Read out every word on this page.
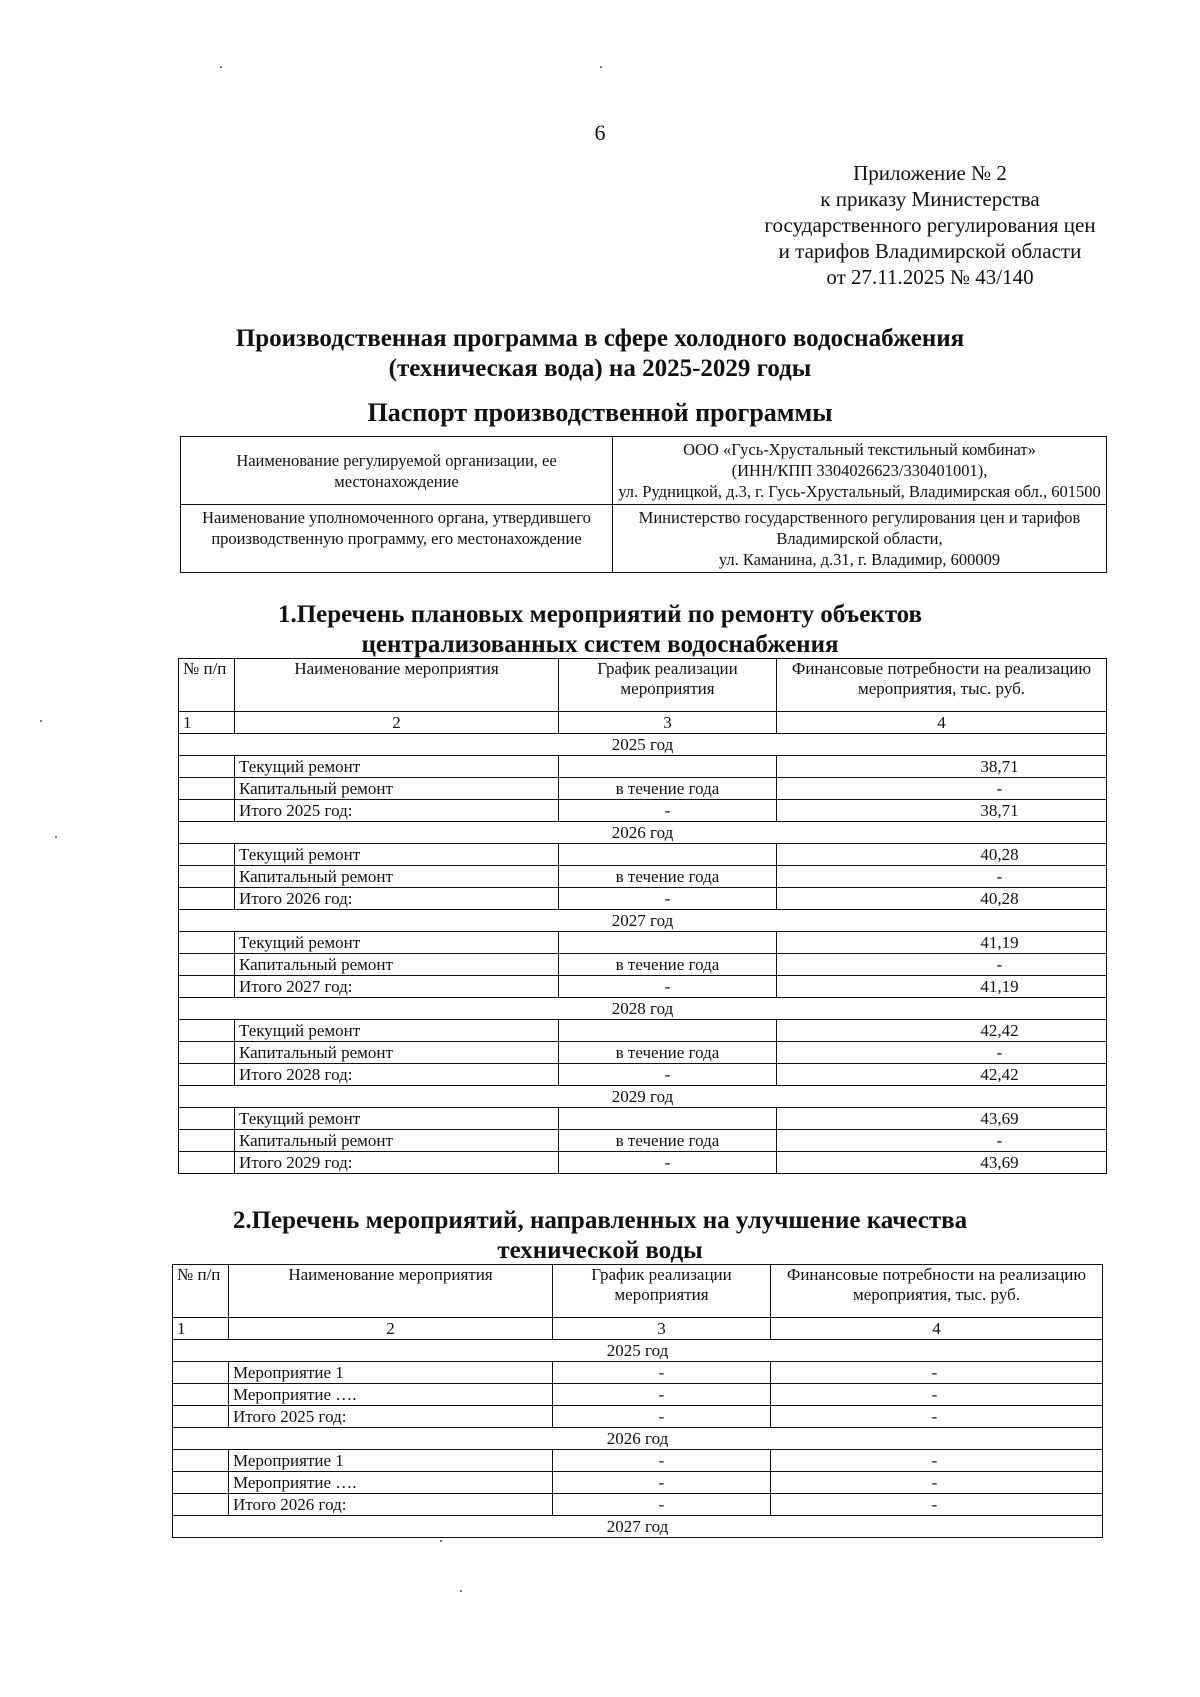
6
Приложение № 2
к приказу Министерства
государственного регулирования цен
и тарифов Владимирской области
от 27.11.2025 № 43/140
Производственная программа в сфере холодного водоснабжения
(техническая вода) на 2025-2029 годы
Паспорт производственной программы
Наименование регулируемой организации, ее местонахождение	ООО «Гусь-Хрустальный текстильный комбинат»
(ИНН/КПП 3304026623/330401001),
ул. Рудницкой, д.3, г. Гусь-Хрустальный, Владимирская обл., 601500

Наименование уполномоченного органа, утвердившего производственную программу, его местонахождение	Министерство государственного регулирования цен и тарифов Владимирской области,
ул. Каманина, д.31, г. Владимир, 600009
1.Перечень плановых мероприятий по ремонту объектов
централизованных систем водоснабжения
№ п/п	Наименование мероприятия	График реализации мероприятия	Финансовые потребности на реализацию мероприятия, тыс. руб.
1	2	3	4
2025 год			
	Текущий ремонт		38,71
	Капитальный ремонт	в течение года	-
	Итого 2025 год:	-	38,71
2026 год			
	Текущий ремонт		40,28
	Капитальный ремонт	в течение года	-
	Итого 2026 год:	-	40,28
2027 год			
	Текущий ремонт		41,19
	Капитальный ремонт	в течение года	-
	Итого 2027 год:	-	41,19
2028 год			
	Текущий ремонт		42,42
	Капитальный ремонт	в течение года	-
	Итого 2028 год:	-	42,42
2029 год			
	Текущий ремонт		43,69
	Капитальный ремонт	в течение года	-
	Итого 2029 год:	-	43,69
2.Перечень мероприятий, направленных на улучшение качества
технической воды
№ п/п	Наименование мероприятия	График реализации мероприятия	Финансовые потребности на реализацию мероприятия, тыс. руб.
1	2	3	4
2025 год			
	Мероприятие 1	-	-
	Мероприятие ….	-	-
	Итого 2025 год:	-	-
2026 год			
	Мероприятие 1	-	-
	Мероприятие ….	-	-
	Итого 2026 год:	-	-
2027 год			
